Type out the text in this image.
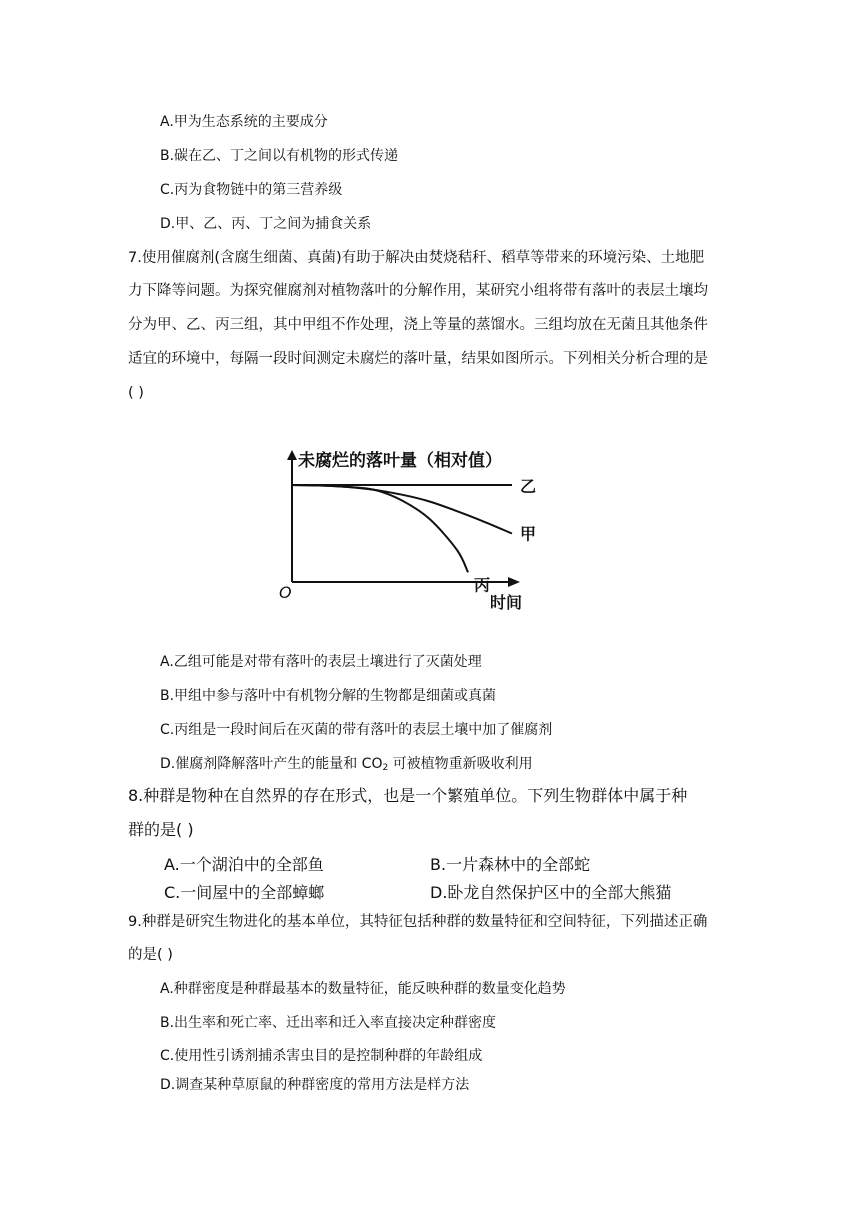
A.甲为生态系统的主要成分
B.碳在乙、丁之间以有机物的形式传递
C.丙为食物链中的第三营养级
D.甲、乙、丙、丁之间为捕食关系
7.使用催腐剂(含腐生细菌、真菌)有助于解决由焚烧秸秆、稻草等带来的环境污染、土地肥
力下降等问题。为探究催腐剂对植物落叶的分解作用，某研究小组将带有落叶的表层土壤均
分为甲、乙、丙三组，其中甲组不作处理，浇上等量的蒸馏水。三组均放在无菌且其他条件
适宜的环境中，每隔一段时间测定未腐烂的落叶量，结果如图所示。下列相关分析合理的是
( )
未腐烂的落叶量（相对值）
O
时间
乙
甲
丙
A.乙组可能是对带有落叶的表层土壤进行了灭菌处理
B.甲组中参与落叶中有机物分解的生物都是细菌或真菌
C.丙组是一段时间后在灭菌的带有落叶的表层土壤中加了催腐剂
D.催腐剂降解落叶产生的能量和 $CO_2$ 可被植物重新吸收利用
8.种群是物种在自然界的存在形式，也是一个繁殖单位。下列生物群体中属于种
群的是( )
A.一个湖泊中的全部鱼	B.一片森林中的全部蛇
C.一间屋中的全部蟑螂	D.卧龙自然保护区中的全部大熊猫
9.种群是研究生物进化的基本单位，其特征包括种群的数量特征和空间特征，下列描述正确
的是( )
A.种群密度是种群最基本的数量特征，能反映种群的数量变化趋势
B.出生率和死亡率、迁出率和迁入率直接决定种群密度
C.使用性引诱剂捕杀害虫目的是控制种群的年龄组成
D.调查某种草原鼠的种群密度的常用方法是样方法
